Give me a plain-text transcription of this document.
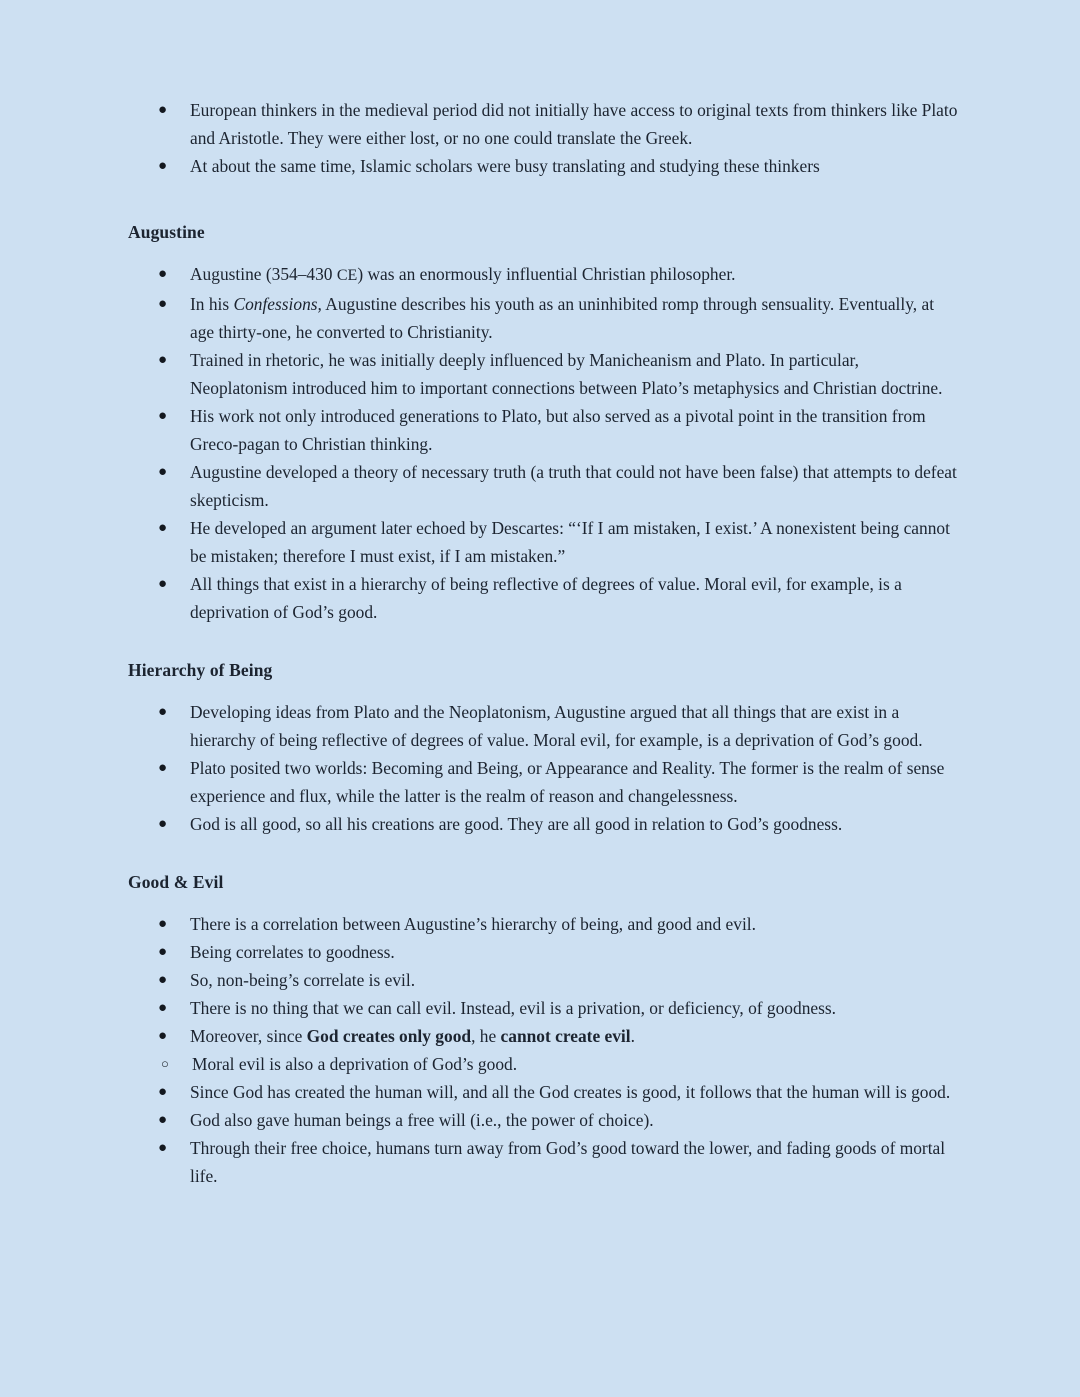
● European thinkers in the medieval period did not initially have access to original texts from thinkers like Plato and Aristotle. They were either lost, or no one could translate the Greek.
● At about the same time, Islamic scholars were busy translating and studying these thinkers
Augustine
● Augustine (354–430 CE) was an enormously influential Christian philosopher.
● In his Confessions, Augustine describes his youth as an uninhibited romp through sensuality. Eventually, at age thirty-one, he converted to Christianity.
● Trained in rhetoric, he was initially deeply influenced by Manicheanism and Plato. In particular, Neoplatonism introduced him to important connections between Plato’s metaphysics and Christian doctrine.
● His work not only introduced generations to Plato, but also served as a pivotal point in the transition from Greco-pagan to Christian thinking.
● Augustine developed a theory of necessary truth (a truth that could not have been false) that attempts to defeat skepticism.
● He developed an argument later echoed by Descartes: “‘If I am mistaken, I exist.’ A nonexistent being cannot be mistaken; therefore I must exist, if I am mistaken.”
● All things that exist in a hierarchy of being reflective of degrees of value. Moral evil, for example, is a deprivation of God’s good.
Hierarchy of Being
● Developing ideas from Plato and the Neoplatonism, Augustine argued that all things that are exist in a hierarchy of being reflective of degrees of value. Moral evil, for example, is a deprivation of God’s good.
● Plato posited two worlds: Becoming and Being, or Appearance and Reality. The former is the realm of sense experience and flux, while the latter is the realm of reason and changelessness.
● God is all good, so all his creations are good. They are all good in relation to God’s goodness.
Good & Evil
● There is a correlation between Augustine’s hierarchy of being, and good and evil.
● Being correlates to goodness.
● So, non-being’s correlate is evil.
● There is no thing that we can call evil. Instead, evil is a privation, or deficiency, of goodness.
● Moreover, since God creates only good, he cannot create evil.
○ Moral evil is also a deprivation of God’s good.
● Since God has created the human will, and all the God creates is good, it follows that the human will is good.
● God also gave human beings a free will (i.e., the power of choice).
● Through their free choice, humans turn away from God’s good toward the lower, and fading goods of mortal life.
